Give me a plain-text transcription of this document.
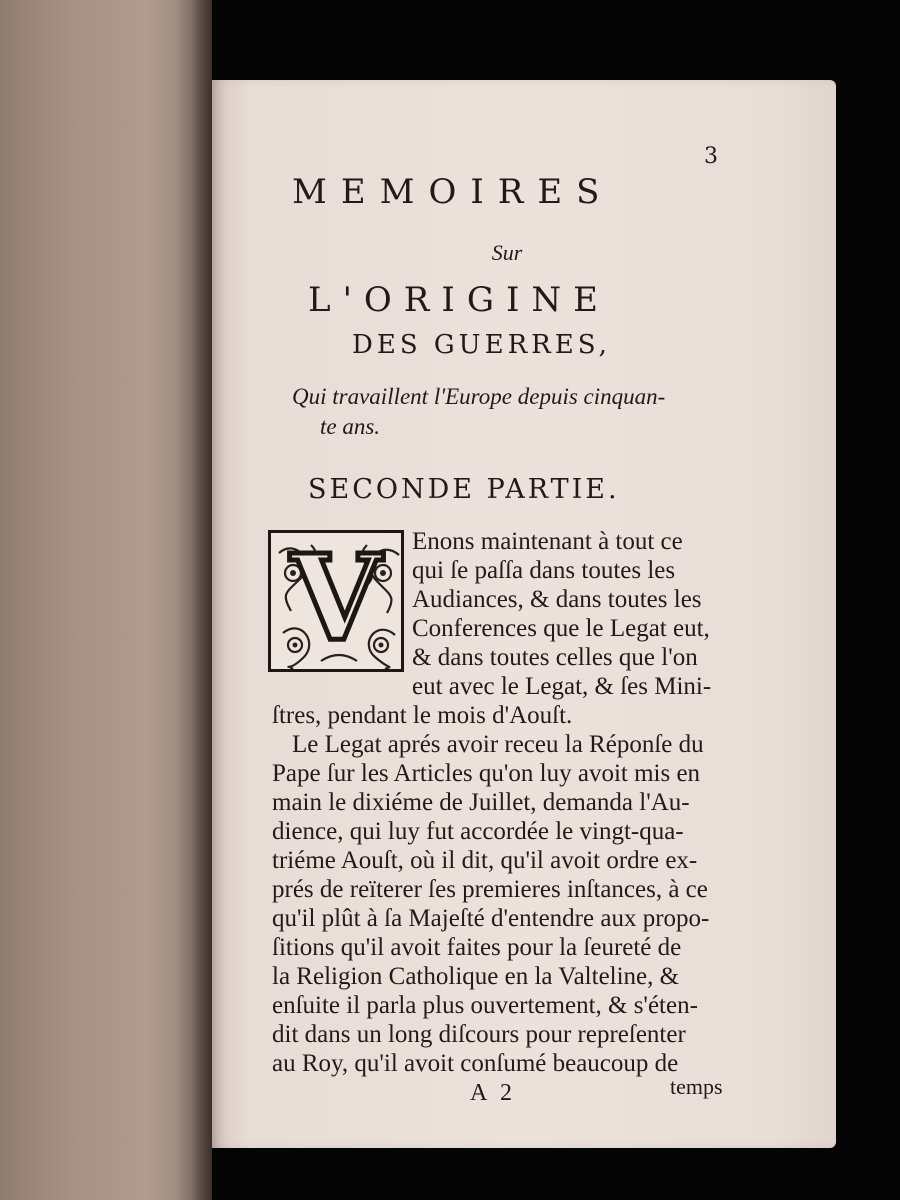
3
MEMOIRES
Sur
L'ORIGINE
DES GUERRES,
Qui travaillent l'Europe depuis cinquan-
te ans.
SECONDE PARTIE.
V	Enons maintenant à tout ce
qui ſe paſſa dans toutes les
Audiances, & dans toutes les
Conferences que le Legat eut,
& dans toutes celles que l'on
eut avec le Legat, & ſes Mini-
ſtres, pendant le mois d'Aouſt.
Le Legat aprés avoir receu la Réponſe du
Pape ſur les Articles qu'on luy avoit mis en
main le dixiéme de Juillet, demanda l'Au-
dience, qui luy fut accordée le vingt-qua-
triéme Aouſt, où il dit, qu'il avoit ordre ex-
prés de reïterer ſes premieres inſtances, à ce
qu'il plût à ſa Majeſté d'entendre aux propo-
ſitions qu'il avoit faites pour la ſeureté de
la Religion Catholique en la Valteline, &
enſuite il parla plus ouvertement, & s'éten-
dit dans un long diſcours pour repreſenter
au Roy, qu'il avoit conſumé beaucoup de
A 2	temps
